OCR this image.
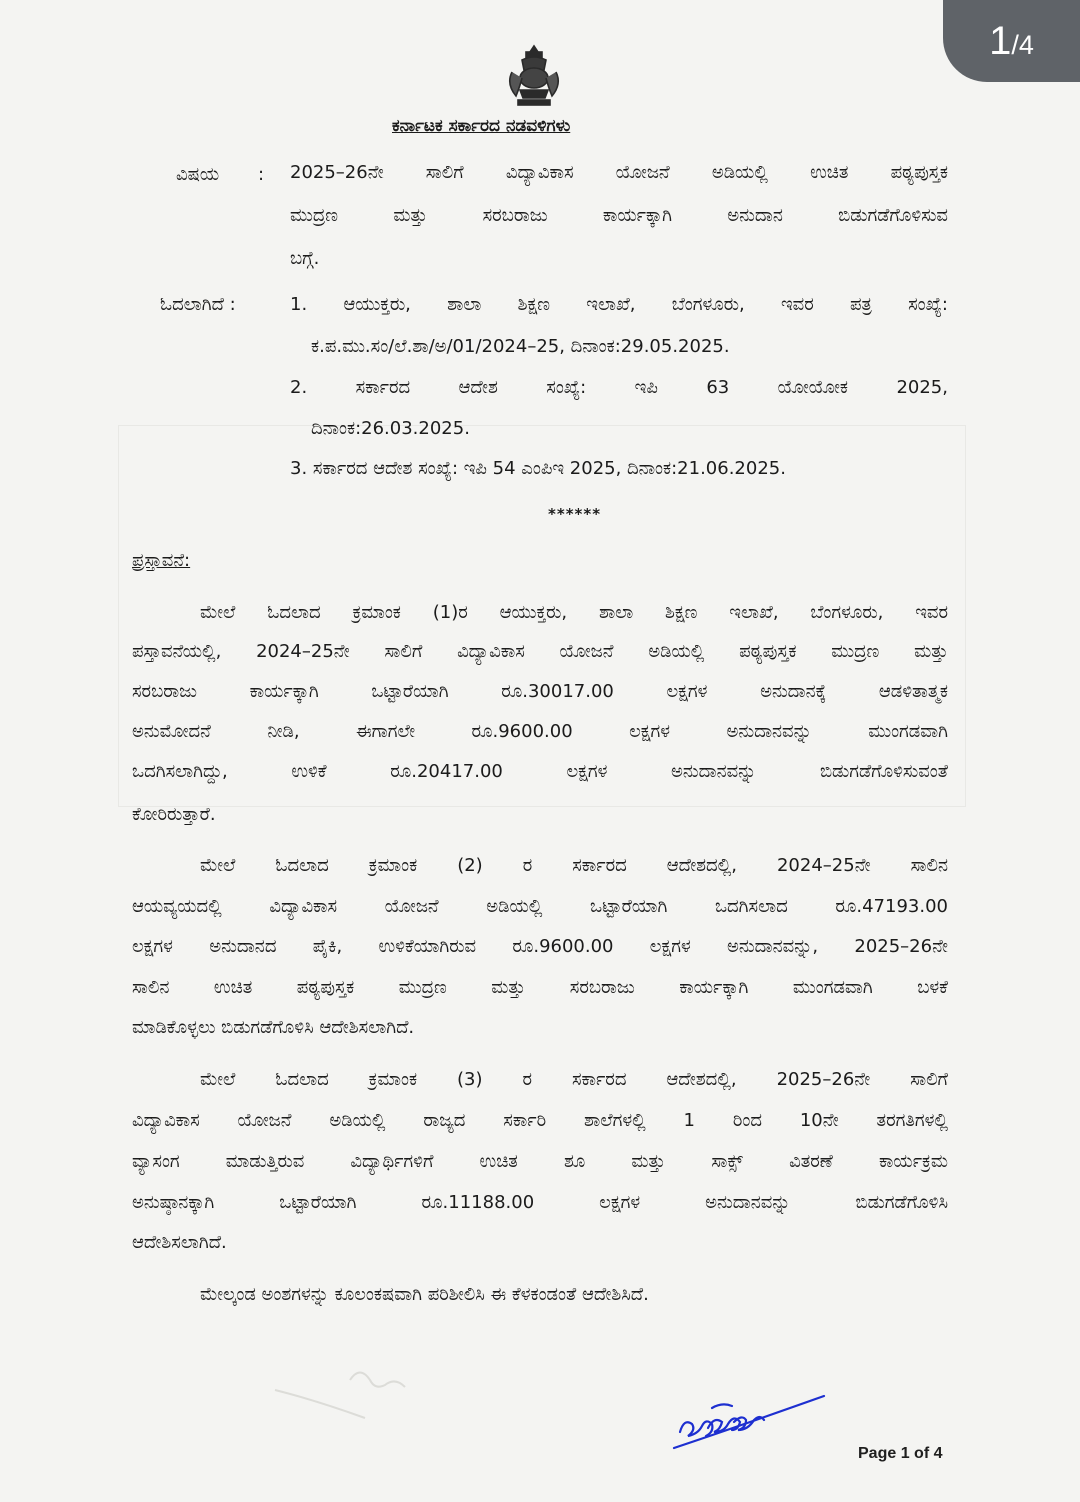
1 /4
ಕರ್ನಾಟಕ ಸರ್ಕಾರದ ನಡವಳಿಗಳು
ವಿಷಯ : 2025–26ನೇ ಸಾಲಿಗೆ ವಿದ್ಯಾವಿಕಾಸ ಯೋಜನೆ ಅಡಿಯಲ್ಲಿ ಉಚಿತ ಪಠ್ಯಪುಸ್ತಕ
ಮುದ್ರಣ ಮತ್ತು ಸರಬರಾಜು ಕಾರ್ಯಕ್ಕಾಗಿ ಅನುದಾನ ಬಿಡುಗಡೆಗೊಳಿಸುವ
ಬಗ್ಗೆ.
ಓದಲಾಗಿದೆ :	1. ಆಯುಕ್ತರು, ಶಾಲಾ ಶಿಕ್ಷಣ ಇಲಾಖೆ, ಬೆಂಗಳೂರು, ಇವರ ಪತ್ರ ಸಂಖ್ಯೆ:
ಕ.ಪ.ಮು.ಸಂ/ಲೆ.ಶಾ/ಅ/01/2024–25, ದಿನಾಂಕ:29.05.2025.
2. ಸರ್ಕಾರದ ಆದೇಶ ಸಂಖ್ಯೆ: ಇಪಿ 63 ಯೋಯೋಕ 2025,
ದಿನಾಂಕ:26.03.2025.
3. ಸರ್ಕಾರದ ಆದೇಶ ಸಂಖ್ಯೆ: ಇಪಿ 54 ಎಂಪಿಇ 2025, ದಿನಾಂಕ:21.06.2025.
******
ಪ್ರಸ್ತಾವನೆ:
ಮೇಲೆ ಓದಲಾದ ಕ್ರಮಾಂಕ (1)ರ ಆಯುಕ್ತರು, ಶಾಲಾ ಶಿಕ್ಷಣ ಇಲಾಖೆ, ಬೆಂಗಳೂರು, ಇವರ
ಪಸ್ತಾವನೆಯಲ್ಲಿ, 2024–25ನೇ ಸಾಲಿಗೆ ವಿದ್ಯಾವಿಕಾಸ ಯೋಜನೆ ಅಡಿಯಲ್ಲಿ ಪಠ್ಯಪುಸ್ತಕ ಮುದ್ರಣ ಮತ್ತು
ಸರಬರಾಜು ಕಾರ್ಯಕ್ಕಾಗಿ ಒಟ್ಟಾರೆಯಾಗಿ ರೂ.30017.00 ಲಕ್ಷಗಳ ಅನುದಾನಕ್ಕೆ ಆಡಳಿತಾತ್ಮಕ
ಅನುಮೋದನೆ ನೀಡಿ, ಈಗಾಗಲೇ ರೂ.9600.00 ಲಕ್ಷಗಳ ಅನುದಾನವನ್ನು ಮುಂಗಡವಾಗಿ
ಒದಗಿಸಲಾಗಿದ್ದು, ಉಳಿಕೆ ರೂ.20417.00 ಲಕ್ಷಗಳ ಅನುದಾನವನ್ನು ಬಿಡುಗಡೆಗೊಳಿಸುವಂತೆ
ಕೋರಿರುತ್ತಾರೆ.
ಮೇಲೆ ಓದಲಾದ ಕ್ರಮಾಂಕ (2) ರ ಸರ್ಕಾರದ ಆದೇಶದಲ್ಲಿ, 2024–25ನೇ ಸಾಲಿನ
ಆಯವ್ಯಯದಲ್ಲಿ ವಿದ್ಯಾವಿಕಾಸ ಯೋಜನೆ ಅಡಿಯಲ್ಲಿ ಒಟ್ಟಾರೆಯಾಗಿ ಒದಗಿಸಲಾದ ರೂ.47193.00
ಲಕ್ಷಗಳ ಅನುದಾನದ ಪೈಕಿ, ಉಳಿಕೆಯಾಗಿರುವ ರೂ.9600.00 ಲಕ್ಷಗಳ ಅನುದಾನವನ್ನು, 2025–26ನೇ
ಸಾಲಿನ ಉಚಿತ ಪಠ್ಯಪುಸ್ತಕ ಮುದ್ರಣ ಮತ್ತು ಸರಬರಾಜು ಕಾರ್ಯಕ್ಕಾಗಿ ಮುಂಗಡವಾಗಿ ಬಳಕೆ
ಮಾಡಿಕೊಳ್ಳಲು ಬಿಡುಗಡೆಗೊಳಿಸಿ ಆದೇಶಿಸಲಾಗಿದೆ.
ಮೇಲೆ ಓದಲಾದ ಕ್ರಮಾಂಕ (3) ರ ಸರ್ಕಾರದ ಆದೇಶದಲ್ಲಿ, 2025–26ನೇ ಸಾಲಿಗೆ
ವಿದ್ಯಾವಿಕಾಸ ಯೋಜನೆ ಅಡಿಯಲ್ಲಿ ರಾಜ್ಯದ ಸರ್ಕಾರಿ ಶಾಲೆಗಳಲ್ಲಿ 1 ರಿಂದ 10ನೇ ತರಗತಿಗಳಲ್ಲಿ
ವ್ಯಾಸಂಗ ಮಾಡುತ್ತಿರುವ ವಿದ್ಯಾರ್ಥಿಗಳಿಗೆ ಉಚಿತ ಶೂ ಮತ್ತು ಸಾಕ್ಸ್ ವಿತರಣೆ ಕಾರ್ಯಕ್ರಮ
ಅನುಷ್ಠಾನಕ್ಕಾಗಿ ಒಟ್ಟಾರೆಯಾಗಿ ರೂ.11188.00 ಲಕ್ಷಗಳ ಅನುದಾನವನ್ನು ಬಿಡುಗಡೆಗೊಳಿಸಿ
ಆದೇಶಿಸಲಾಗಿದೆ.
ಮೇಲ್ಕಂಡ ಅಂಶಗಳನ್ನು ಕೂಲಂಕಷವಾಗಿ ಪರಿಶೀಲಿಸಿ ಈ ಕೆಳಕಂಡಂತೆ ಆದೇಶಿಸಿದೆ.
Page 1 of 4
